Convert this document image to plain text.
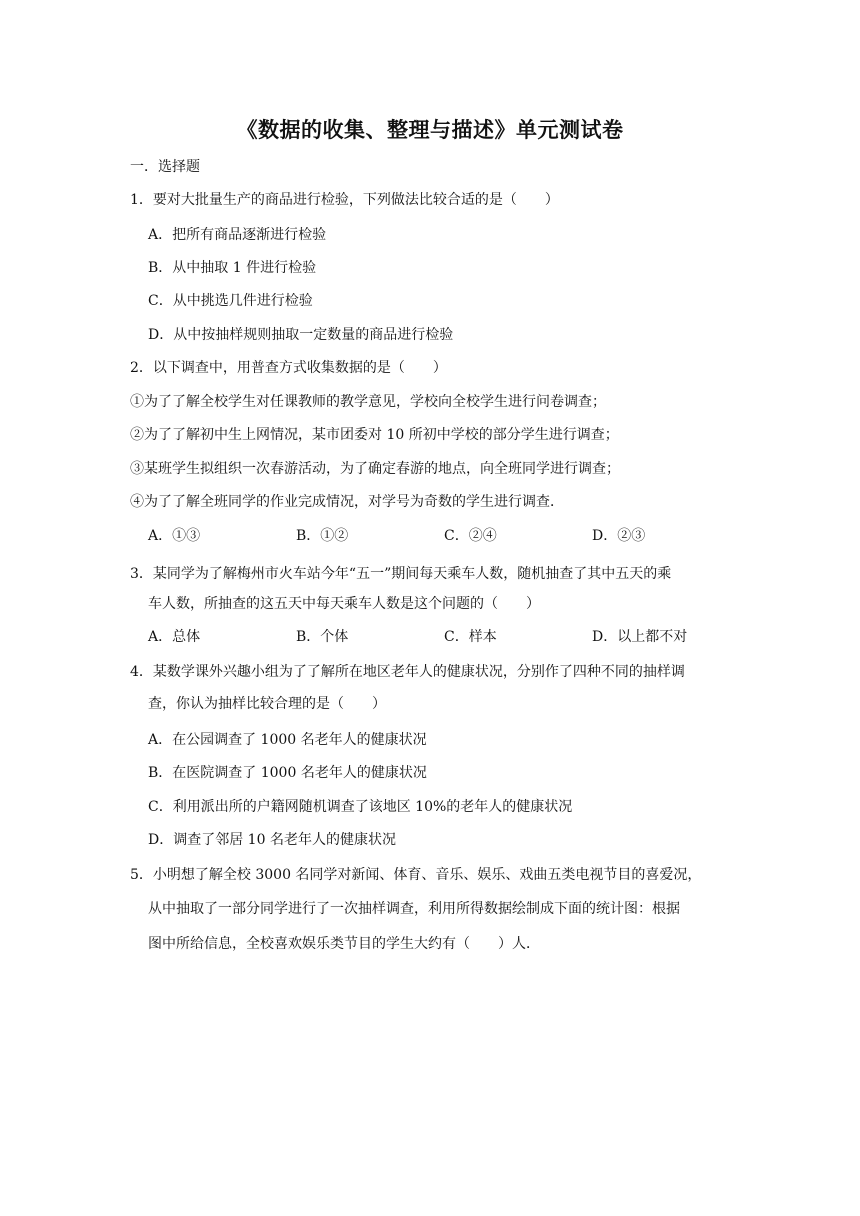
《数据的收集、整理与描述》单元测试卷
一．选择题
1．要对大批量生产的商品进行检验，下列做法比较合适的是（　　）
A．把所有商品逐渐进行检验
B．从中抽取 1 件进行检验
C．从中挑选几件进行检验
D．从中按抽样规则抽取一定数量的商品进行检验
2．以下调查中，用普查方式收集数据的是（　　）
①为了了解全校学生对任课教师的教学意见，学校向全校学生进行问卷调查；
②为了了解初中生上网情况，某市团委对 10 所初中学校的部分学生进行调查；
③某班学生拟组织一次春游活动，为了确定春游的地点，向全班同学进行调查；
④为了了解全班同学的作业完成情况，对学号为奇数的学生进行调查．
A．①③	B．①②	C．②④	D．②③
3．某同学为了解梅州市火车站今年“五一”期间每天乘车人数，随机抽查了其中五天的乘
车人数，所抽查的这五天中每天乘车人数是这个问题的（　　）
A．总体	B．个体	C．样本	D．以上都不对
4．某数学课外兴趣小组为了了解所在地区老年人的健康状况，分别作了四种不同的抽样调
查，你认为抽样比较合理的是（　　）
A．在公园调查了 1000 名老年人的健康状况
B．在医院调查了 1000 名老年人的健康状况
C．利用派出所的户籍网随机调查了该地区 10%的老年人的健康状况
D．调查了邻居 10 名老年人的健康状况
5．小明想了解全校 3000 名同学对新闻、体育、音乐、娱乐、戏曲五类电视节目的喜爱况，
从中抽取了一部分同学进行了一次抽样调查，利用所得数据绘制成下面的统计图：根据
图中所给信息，全校喜欢娱乐类节目的学生大约有（　　）人．
